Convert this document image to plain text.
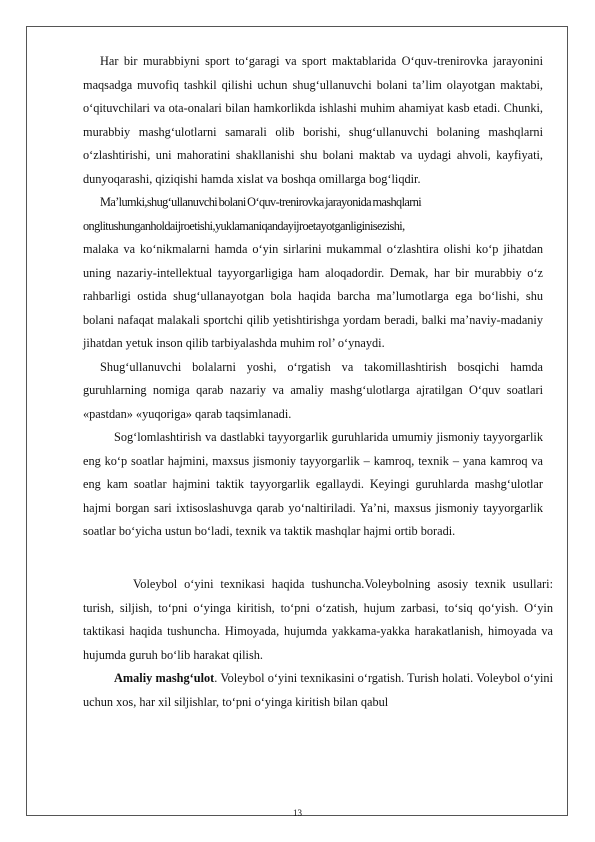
Har bir murabbiyni sport to‘garagi va sport maktablarida O‘quv-trenirovka jarayonini maqsadga muvofiq tashkil qilishi uchun shug‘ullanuvchi bolani ta’lim olayotgan maktabi, o‘qituvchilari va ota-onalari bilan hamkorlikda ishlashi muhim ahamiyat kasb etadi. Chunki, murabbiy mashg‘ulotlarni samarali olib borishi, shug‘ullanuvchi bolaning mashqlarni o‘zlashtirishi, uni mahoratini shakllanishi shu bolani maktab va uydagi ahvoli, kayfiyati, dunyoqarashi, qiziqishi hamda xislat va boshqa omillarga bog‘liqdir.

Ma’lumki,shug‘ullanuvchi bolani O‘quv-trenirovka jarayonida mashqlarni

onglitushunganholdaijroetishi,yuklamaniqandayijroetayotganliginisezishi,

malaka va ko‘nikmalarni hamda o‘yin sirlarini mukammal o‘zlashtira olishi ko‘p jihatdan uning nazariy-intellektual tayyorgarligiga ham aloqadordir. Demak, har bir murabbiy o‘z rahbarligi ostida shug‘ullanayotgan bola haqida barcha ma’lumotlarga ega bo‘lishi, shu bolani nafaqat malakali sportchi qilib yetishtirishga yordam beradi, balki ma’naviy-madaniy jihatdan yetuk inson qilib tarbiyalashda muhim rol’ o‘ynaydi.

Shug‘ullanuvchi bolalarni yoshi, o‘rgatish va takomillashtirish bosqichi hamda guruhlarning nomiga qarab nazariy va amaliy mashg‘ulotlarga ajratilgan O‘quv soatlari «pastdan» «yuqoriga» qarab taqsimlanadi.

Sog‘lomlashtirish va dastlabki tayyorgarlik guruhlarida umumiy jismoniy tayyorgarlik eng ko‘p soatlar hajmini, maxsus jismoniy tayyorgarlik – kamroq, texnik – yana kamroq va eng kam soatlar hajmini taktik tayyorgarlik egallaydi. Keyingi guruhlarda mashg‘ulotlar hajmi borgan sari ixtisoslashuvga qarab yo‘naltiriladi. Ya’ni, maxsus jismoniy tayyorgarlik soatlar bo‘yicha ustun bo‘ladi, texnik va taktik mashqlar hajmi ortib boradi.

Voleybol o‘yini texnikasi haqida tushuncha.Voleybolning asosiy texnik usullari: turish, siljish, to‘pni o‘yinga kiritish, to‘pni o‘zatish, hujum zarbasi, to‘siq qo‘yish. O‘yin taktikasi haqida tushuncha. Himoyada, hujumda yakkama-yakka harakatlanish, himoyada va hujumda guruh bo‘lib harakat qilish.

Amaliy mashg‘ulot. Voleybol o‘yini texnikasini o‘rgatish. Turish holati. Voleybol o‘yini uchun xos, har xil siljishlar, to‘pni o‘yinga kiritish bilan qabul

13
